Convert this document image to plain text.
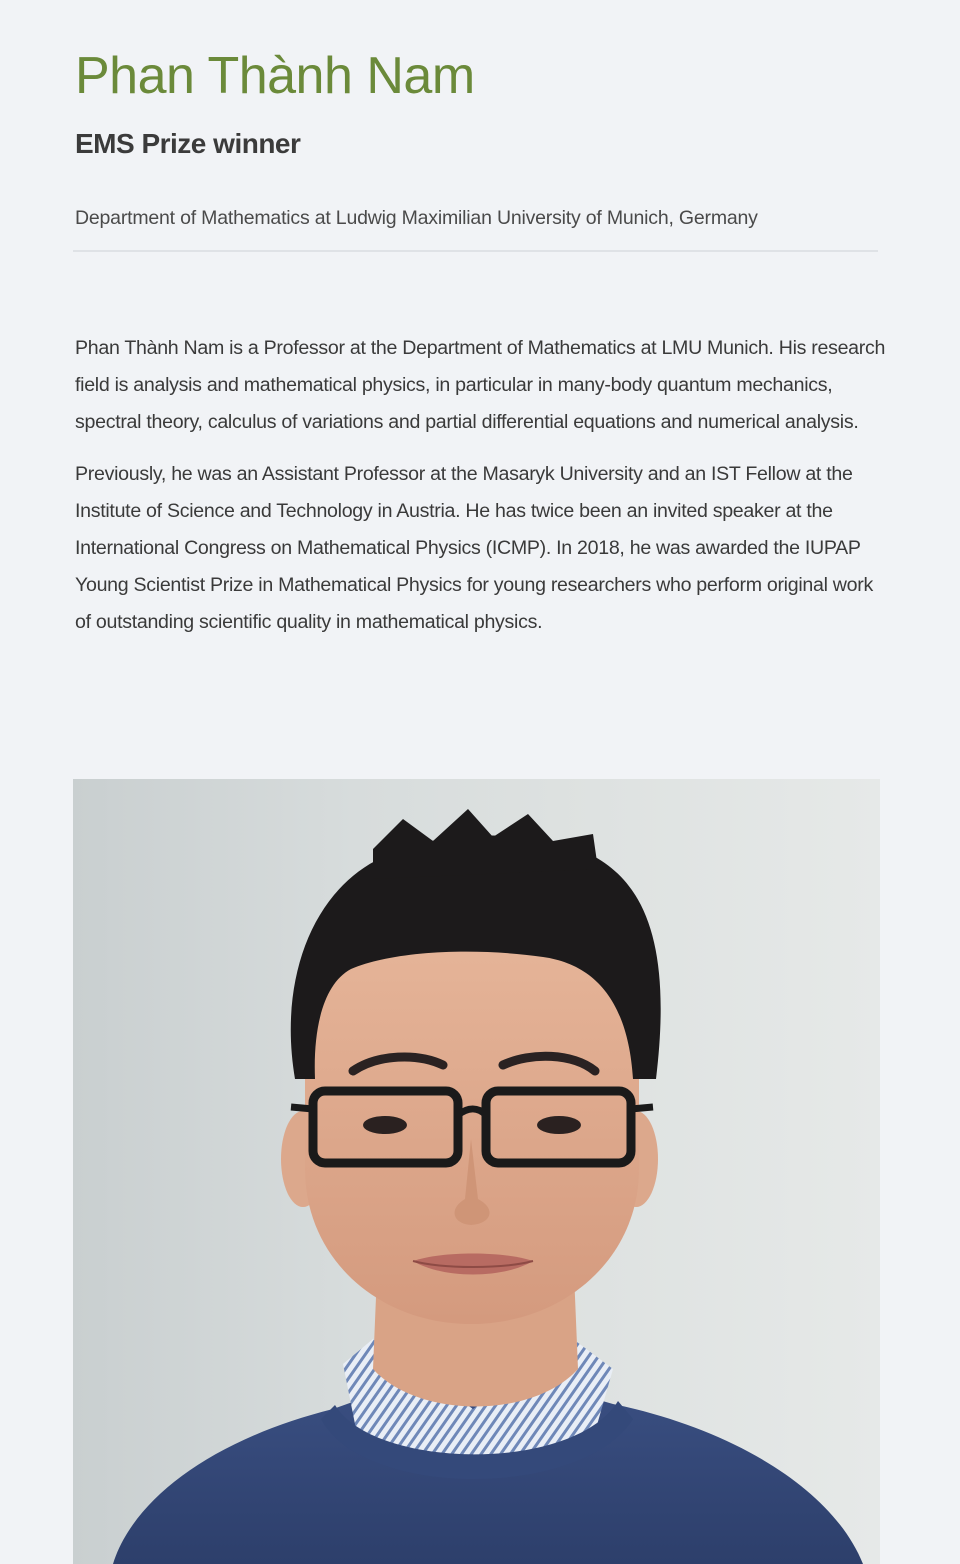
Phan Thành Nam
EMS Prize winner

Department of Mathematics at Ludwig Maximilian University of Munich, Germany

Phan Thành Nam is a Professor at the Department of Mathematics at LMU Munich. His research field is analysis and mathematical physics, in particular in many-body quantum mechanics, spectral theory, calculus of variations and partial differential equations and numerical analysis.

Previously, he was an Assistant Professor at the Masaryk University and an IST Fellow at the Institute of Science and Technology in Austria. He has twice been an invited speaker at the International Congress on Mathematical Physics (ICMP). In 2018, he was awarded the IUPAP Young Scientist Prize in Mathematical Physics for young researchers who perform original work of outstanding scientific quality in mathematical physics.
